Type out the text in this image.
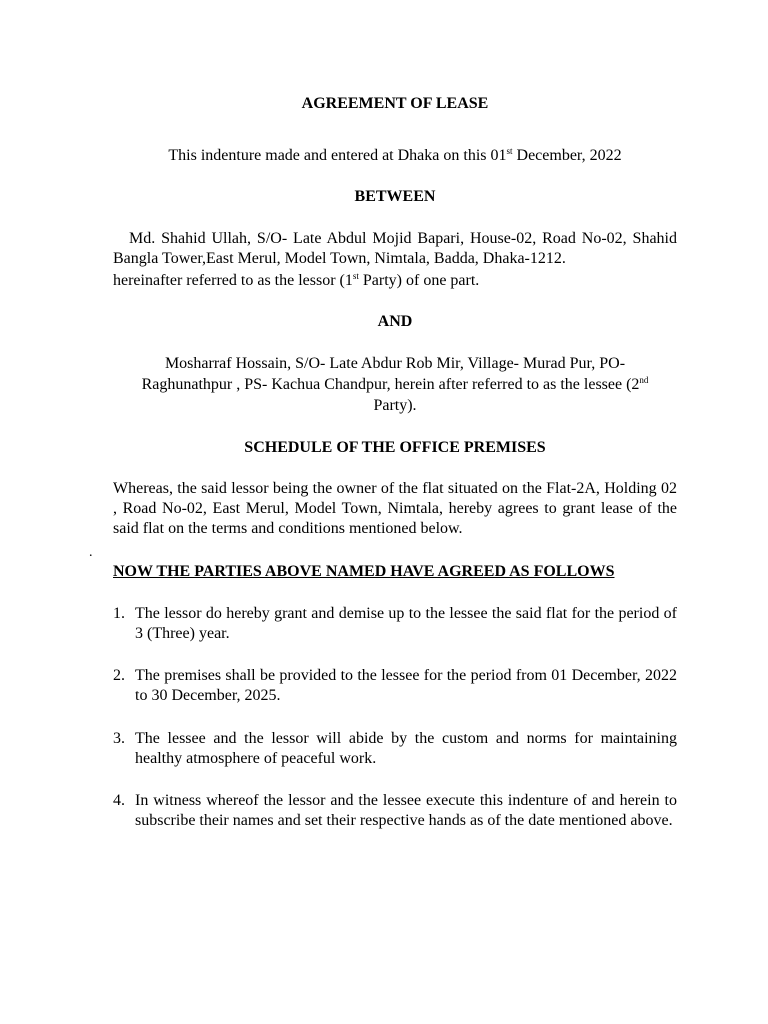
AGREEMENT OF LEASE
This indenture made and entered at Dhaka on this 01st December, 2022
BETWEEN
Md. Shahid Ullah, S/O- Late Abdul Mojid Bapari, House-02, Road No-02, Shahid Bangla Tower,East Merul, Model Town, Nimtala, Badda, Dhaka-1212.
hereinafter referred to as the lessor (1st Party) of one part.
AND
Mosharraf Hossain, S/O- Late Abdur Rob Mir, Village- Murad Pur, PO-
Raghunathpur , PS- Kachua Chandpur, herein after referred to as the lessee (2nd
Party).
SCHEDULE OF THE OFFICE PREMISES
Whereas, the said lessor being the owner of the flat situated on the Flat-2A, Holding 02 , Road No-02, East Merul, Model Town, Nimtala, hereby agrees to grant lease of the said flat on the terms and conditions mentioned below.
.
NOW THE PARTIES ABOVE NAMED HAVE AGREED AS FOLLOWS
1. The lessor do hereby grant and demise up to the lessee the said flat for the period of 3 (Three) year.
2. The premises shall be provided to the lessee for the period from 01 December, 2022 to 30 December, 2025.
3. The lessee and the lessor will abide by the custom and norms for maintaining healthy atmosphere of peaceful work.
4. In witness whereof the lessor and the lessee execute this indenture of and herein to subscribe their names and set their respective hands as of the date mentioned above.
